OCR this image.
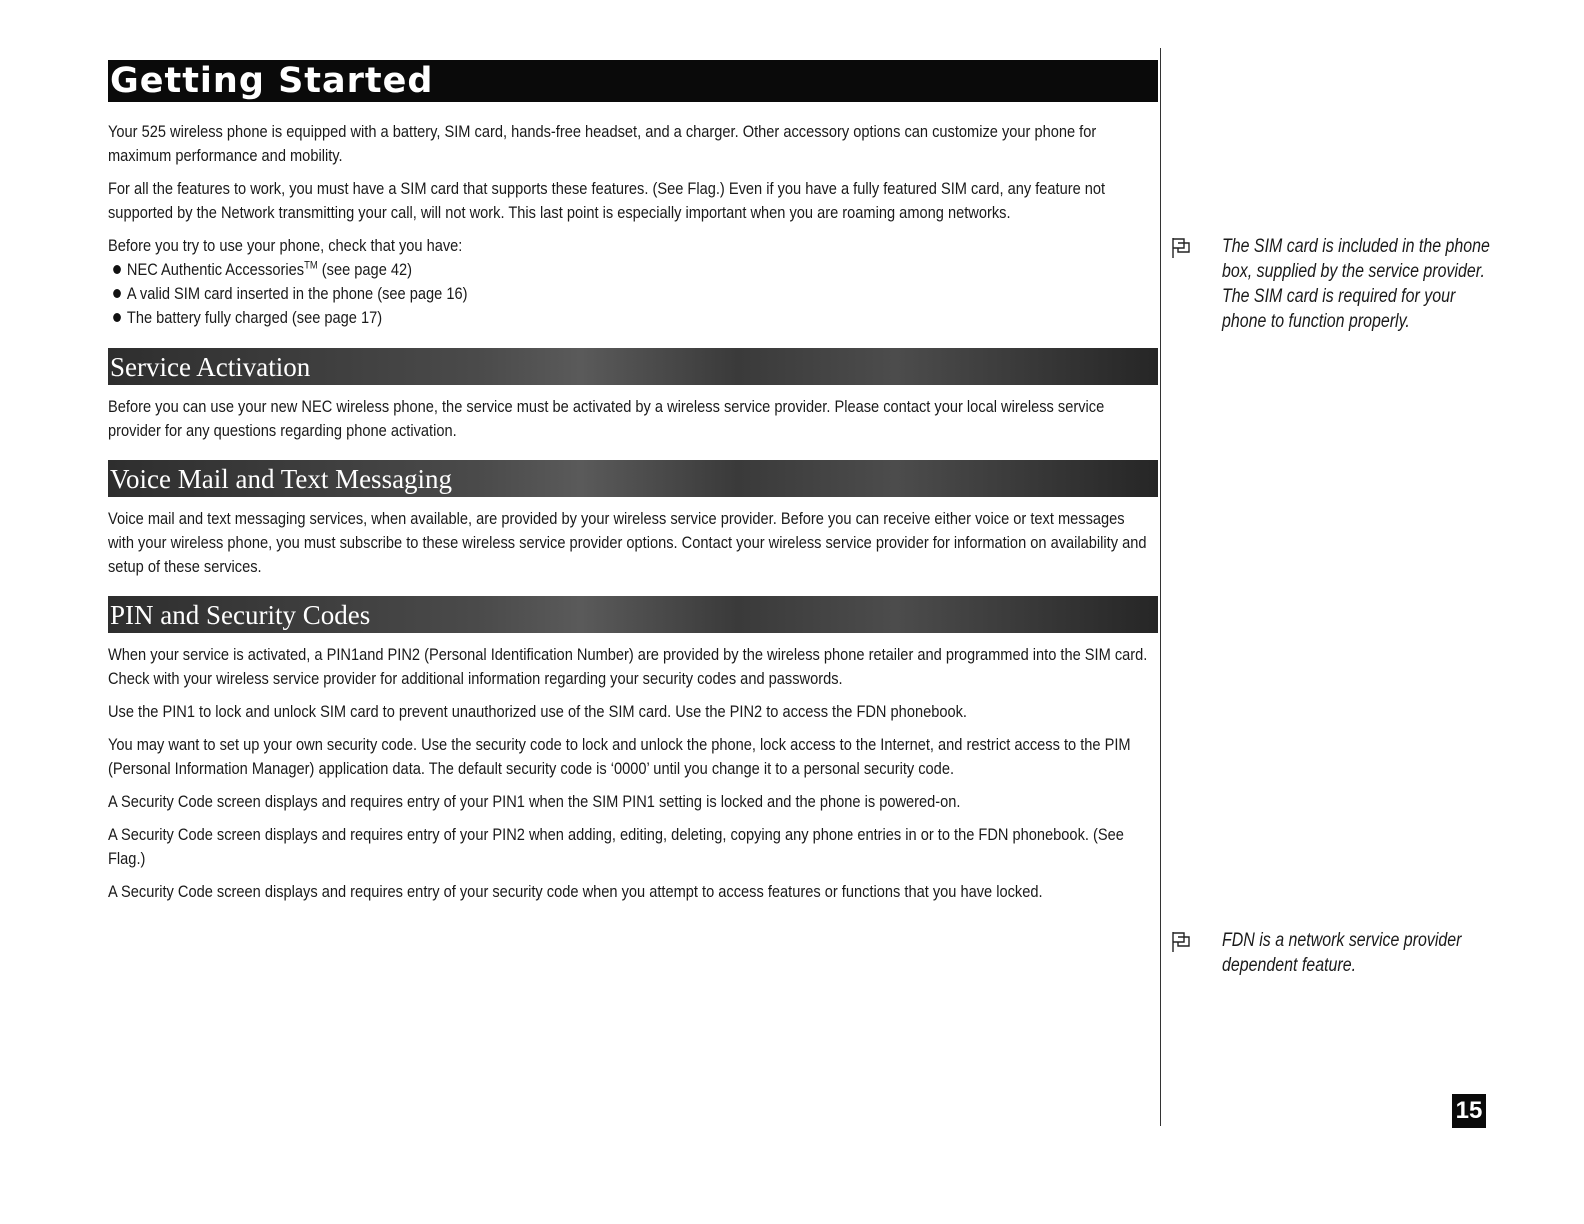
Getting Started

Your 525 wireless phone is equipped with a battery, SIM card, hands-free headset, and a charger. Other accessory options can customize your phone for maximum performance and mobility.

For all the features to work, you must have a SIM card that supports these features. (See Flag.) Even if you have a fully featured SIM card, any feature not supported by the Network transmitting your call, will not work. This last point is especially important when you are roaming among networks.

Before you try to use your phone, check that you have:

NEC Authentic Accessories™ (see page 42)
A valid SIM card inserted in the phone (see page 16)
The battery fully charged (see page 17)
Service Activation

Before you can use your new NEC wireless phone, the service must be activated by a wireless service provider. Please contact your local wireless service provider for any questions regarding phone activation.

Voice Mail and Text Messaging

Voice mail and text messaging services, when available, are provided by your wireless service provider. Before you can receive either voice or text messages with your wireless phone, you must subscribe to these wireless service provider options. Contact your wireless service provider for information on availability and setup of these services.

PIN and Security Codes

When your service is activated, a PIN1and PIN2 (Personal Identification Number) are provided by the wireless phone retailer and programmed into the SIM card. Check with your wireless service provider for additional information regarding your security codes and passwords.

Use the PIN1 to lock and unlock SIM card to prevent unauthorized use of the SIM card. Use the PIN2 to access the FDN phonebook.

You may want to set up your own security code. Use the security code to lock and unlock the phone, lock access to the Internet, and restrict access to the PIM (Personal Information Manager) application data. The default security code is ‘0000’ until you change it to a personal security code.

A Security Code screen displays and requires entry of your PIN1 when the SIM PIN1 setting is locked and the phone is powered-on.

A Security Code screen displays and requires entry of your PIN2 when adding, editing, deleting, copying any phone entries in or to the FDN phonebook. (See Flag.)

A Security Code screen displays and requires entry of your security code when you attempt to access features or functions that you have locked.

The SIM card is included in the phone box, supplied by the service provider. The SIM card is required for your phone to function properly.
FDN is a network service provider dependent feature.
15
